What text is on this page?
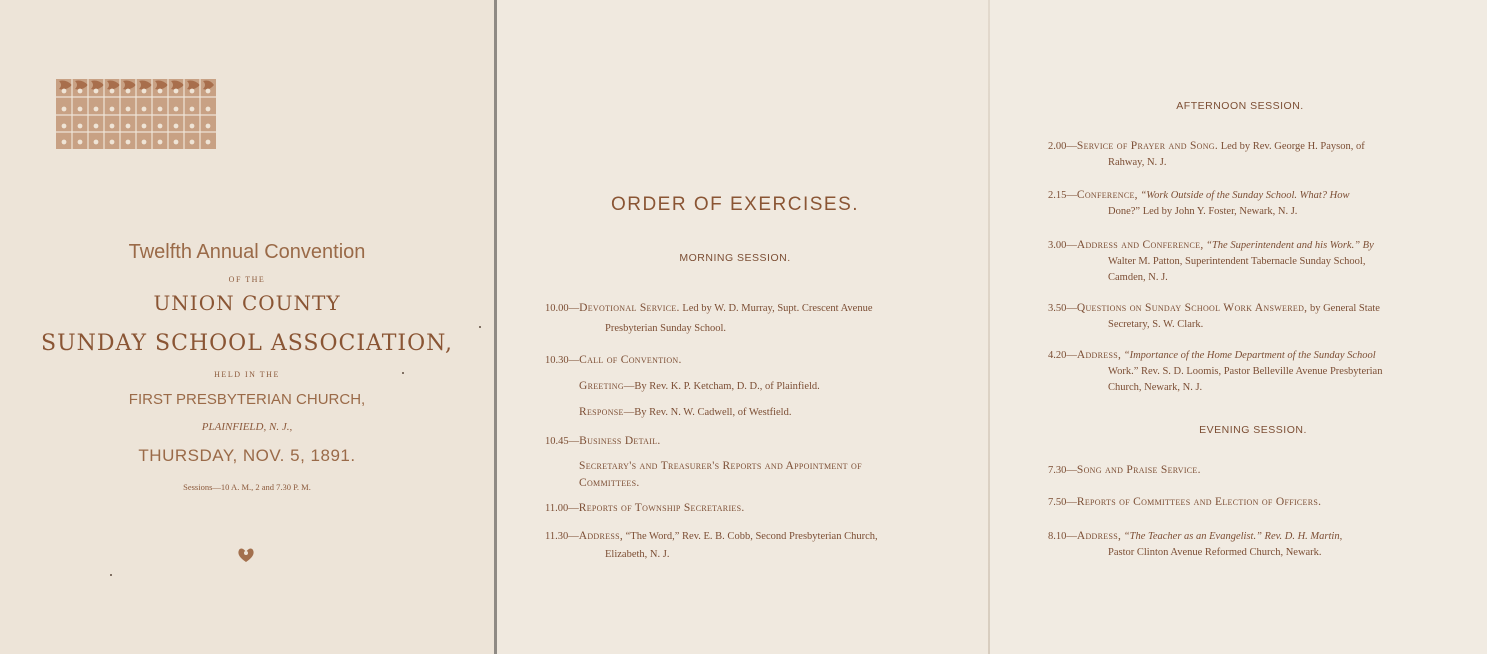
Twelfth Annual Convention
OF THE
UNION COUNTY
SUNDAY SCHOOL ASSOCIATION,
HELD IN THE
FIRST PRESBYTERIAN CHURCH,
PLAINFIELD, N. J.,
THURSDAY, NOV. 5, 1891.
Sessions—10 A. M., 2 and 7.30 P. M.
ORDER OF EXERCISES.
MORNING SESSION.
10.00—Devotional Service. Led by W. D. Murray, Supt. Crescent Avenue
Presbyterian Sunday School.
10.30—Call of Convention.
Greeting—By Rev. K. P. Ketcham, D. D., of Plainfield.
Response—By Rev. N. W. Cadwell, of Westfield.
10.45—Business Detail.
Secretary's and Treasurer's Reports and Appointment of
Committees.
11.00—Reports of Township Secretaries.
11.30—Address, “The Word,” Rev. E. B. Cobb, Second Presbyterian Church,
Elizabeth, N. J.
AFTERNOON SESSION.
2.00—Service of Prayer and Song. Led by Rev. George H. Payson, of
Rahway, N. J.
2.15—Conference, “Work Outside of the Sunday School. What? How
Done?” Led by John Y. Foster, Newark, N. J.
3.00—Address and Conference, “The Superintendent and his Work.” By
Walter M. Patton, Superintendent Tabernacle Sunday School,
Camden, N. J.
3.50—Questions on Sunday School Work Answered, by General State
Secretary, S. W. Clark.
4.20—Address, “Importance of the Home Department of the Sunday School
Work.” Rev. S. D. Loomis, Pastor Belleville Avenue Presbyterian
Church, Newark, N. J.
EVENING SESSION.
7.30—Song and Praise Service.
7.50—Reports of Committees and Election of Officers.
8.10—Address, “The Teacher as an Evangelist.” Rev. D. H. Martin,
Pastor Clinton Avenue Reformed Church, Newark.
